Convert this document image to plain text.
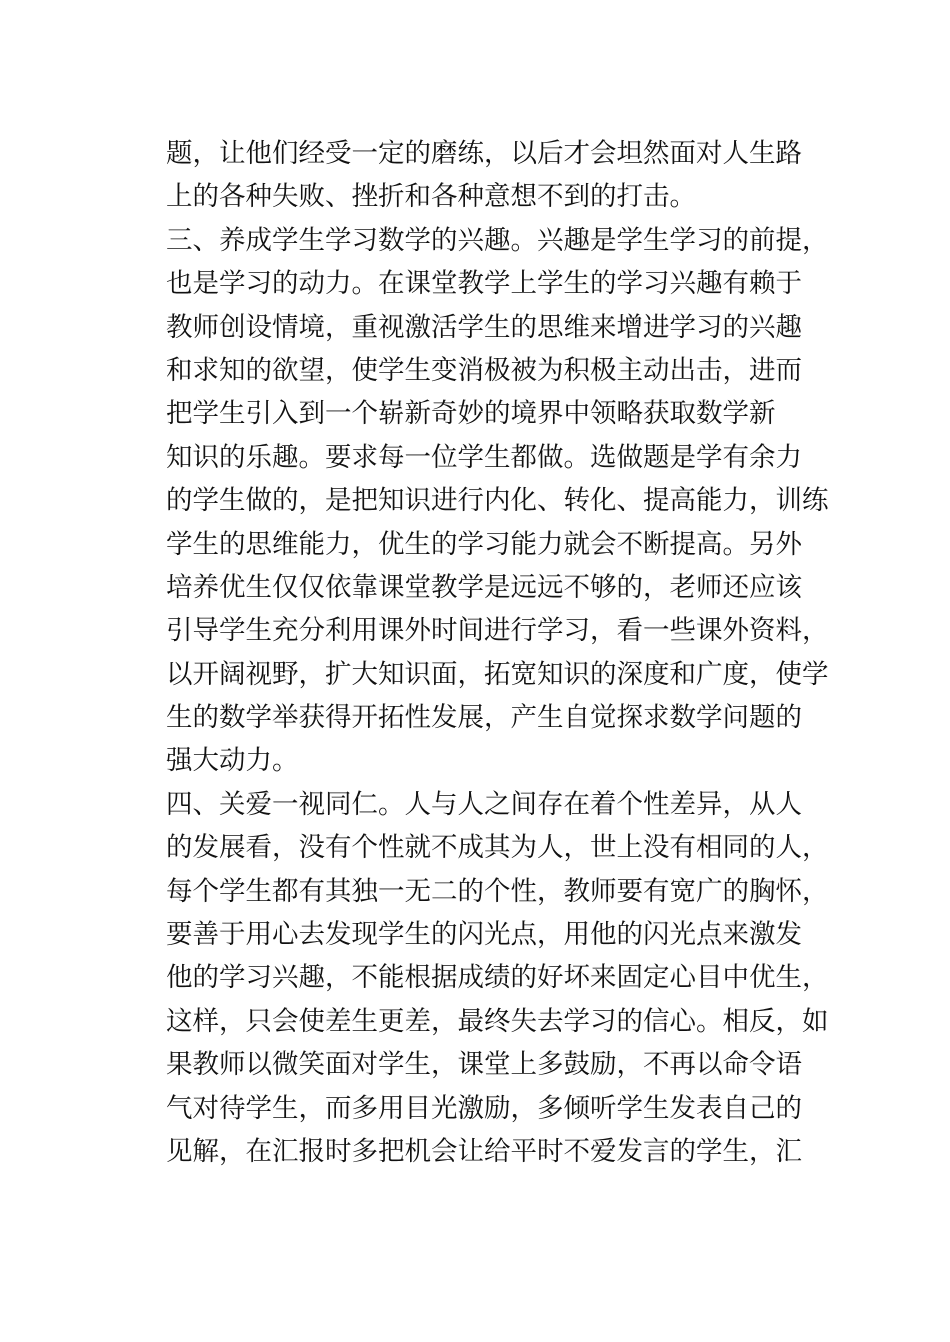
题，让他们经受一定的磨练，以后才会坦然面对人生路
上的各种失败、挫折和各种意想不到的打击。
三、养成学生学习数学的兴趣。兴趣是学生学习的前提，
也是学习的动力。在课堂教学上学生的学习兴趣有赖于
教师创设情境，重视激活学生的思维来增进学习的兴趣
和求知的欲望，使学生变消极被为积极主动出击，进而
把学生引入到一个崭新奇妙的境界中领略获取数学新
知识的乐趣。要求每一位学生都做。选做题是学有余力
的学生做的，是把知识进行内化、转化、提高能力，训练
学生的思维能力，优生的学习能力就会不断提高。另外
培养优生仅仅依靠课堂教学是远远不够的，老师还应该
引导学生充分利用课外时间进行学习，看一些课外资料，
以开阔视野，扩大知识面，拓宽知识的深度和广度，使学
生的数学举获得开拓性发展，产生自觉探求数学问题的
强大动力。
四、关爱一视同仁。人与人之间存在着个性差异，从人
的发展看，没有个性就不成其为人，世上没有相同的人，
每个学生都有其独一无二的个性，教师要有宽广的胸怀，
要善于用心去发现学生的闪光点，用他的闪光点来激发
他的学习兴趣，不能根据成绩的好坏来固定心目中优生，
这样，只会使差生更差，最终失去学习的信心。相反，如
果教师以微笑面对学生，课堂上多鼓励，不再以命令语
气对待学生，而多用目光激励，多倾听学生发表自己的
见解，在汇报时多把机会让给平时不爱发言的学生，汇
